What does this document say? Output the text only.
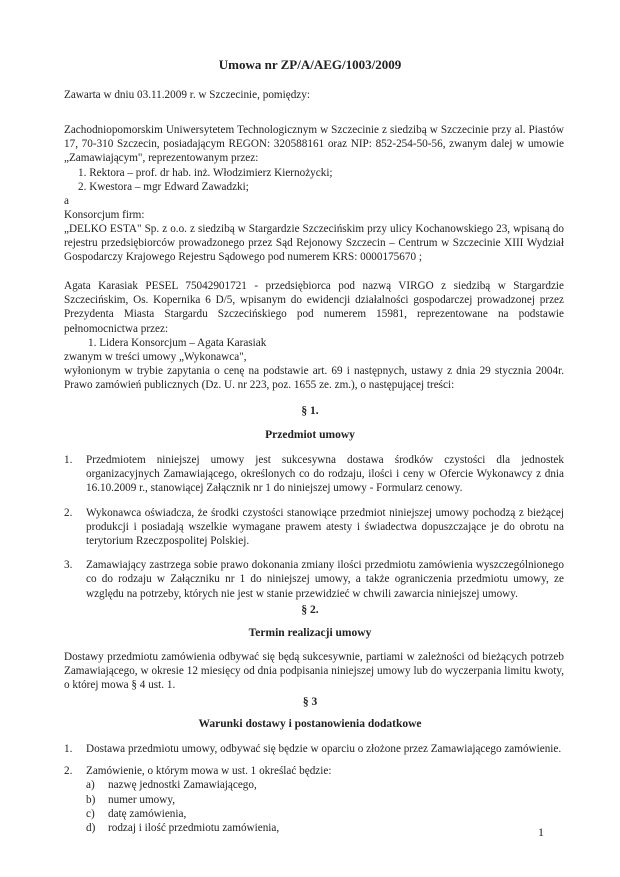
Umowa nr ZP/A/AEG/1003/2009
Zawarta w dniu 03.11.2009 r. w Szczecinie, pomiędzy:
Zachodniopomorskim Uniwersytetem Technologicznym w Szczecinie z siedzibą w Szczecinie przy al. Piastów 17, 70-310 Szczecin, posiadającym REGON: 320588161 oraz NIP: 852-254-50-56, zwanym dalej w umowie „Zamawiającym", reprezentowanym przez:
1. Rektora – prof. dr hab. inż. Włodzimierz Kiernożycki;
2. Kwestora – mgr Edward Zawadzki;
a
Konsorcjum firm:
„DELKO ESTA" Sp. z o.o. z siedzibą w Stargardzie Szczecińskim przy ulicy Kochanowskiego 23, wpisaną do rejestru przedsiębiorców prowadzonego przez Sąd Rejonowy Szczecin – Centrum w Szczecinie XIII Wydział Gospodarczy Krajowego Rejestru Sądowego pod numerem KRS: 0000175670 ;
Agata Karasiak PESEL 75042901721 - przedsiębiorca pod nazwą VIRGO z siedzibą w Stargardzie Szczecińskim, Os. Kopernika 6 D/5, wpisanym do ewidencji działalności gospodarczej prowadzonej przez Prezydenta Miasta Stargardu Szczecińskiego pod numerem 15981, reprezentowane na podstawie pełnomocnictwa przez:
1. Lidera Konsorcjum – Agata Karasiak
zwanym w treści umowy „Wykonawca",
wyłonionym w trybie zapytania o cenę na podstawie art. 69 i następnych, ustawy z dnia 29 stycznia 2004r. Prawo zamówień publicznych (Dz. U. nr 223, poz. 1655 ze. zm.), o następującej treści:
§ 1.
Przedmiot umowy
1. Przedmiotem niniejszej umowy jest sukcesywna dostawa środków czystości dla jednostek organizacyjnych Zamawiającego, określonych co do rodzaju, ilości i ceny w Ofercie Wykonawcy z dnia 16.10.2009 r., stanowiącej Załącznik nr 1 do niniejszej umowy - Formularz cenowy.
2. Wykonawca oświadcza, że środki czystości stanowiące przedmiot niniejszej umowy pochodzą z bieżącej produkcji i posiadają wszelkie wymagane prawem atesty i świadectwa dopuszczające je do obrotu na terytorium Rzeczpospolitej Polskiej.
3. Zamawiający zastrzega sobie prawo dokonania zmiany ilości przedmiotu zamówienia wyszczególnionego co do rodzaju w Załączniku nr 1 do niniejszej umowy, a także ograniczenia przedmiotu umowy, ze względu na potrzeby, których nie jest w stanie przewidzieć w chwili zawarcia niniejszej umowy.
§ 2.
Termin realizacji umowy
Dostawy przedmiotu zamówienia odbywać się będą sukcesywnie, partiami w zależności od bieżących potrzeb Zamawiającego, w okresie 12 miesięcy od dnia podpisania niniejszej umowy lub do wyczerpania limitu kwoty, o której mowa § 4 ust. 1.
§ 3
Warunki dostawy i postanowienia dodatkowe
1. Dostawa przedmiotu umowy, odbywać się będzie w oparciu o złożone przez Zamawiającego zamówienie.
2. Zamówienie, o którym mowa w ust. 1 określać będzie:
a) nazwę jednostki Zamawiającego,
b) numer umowy,
c) datę zamówienia,
d) rodzaj i ilość przedmiotu zamówienia,	1
